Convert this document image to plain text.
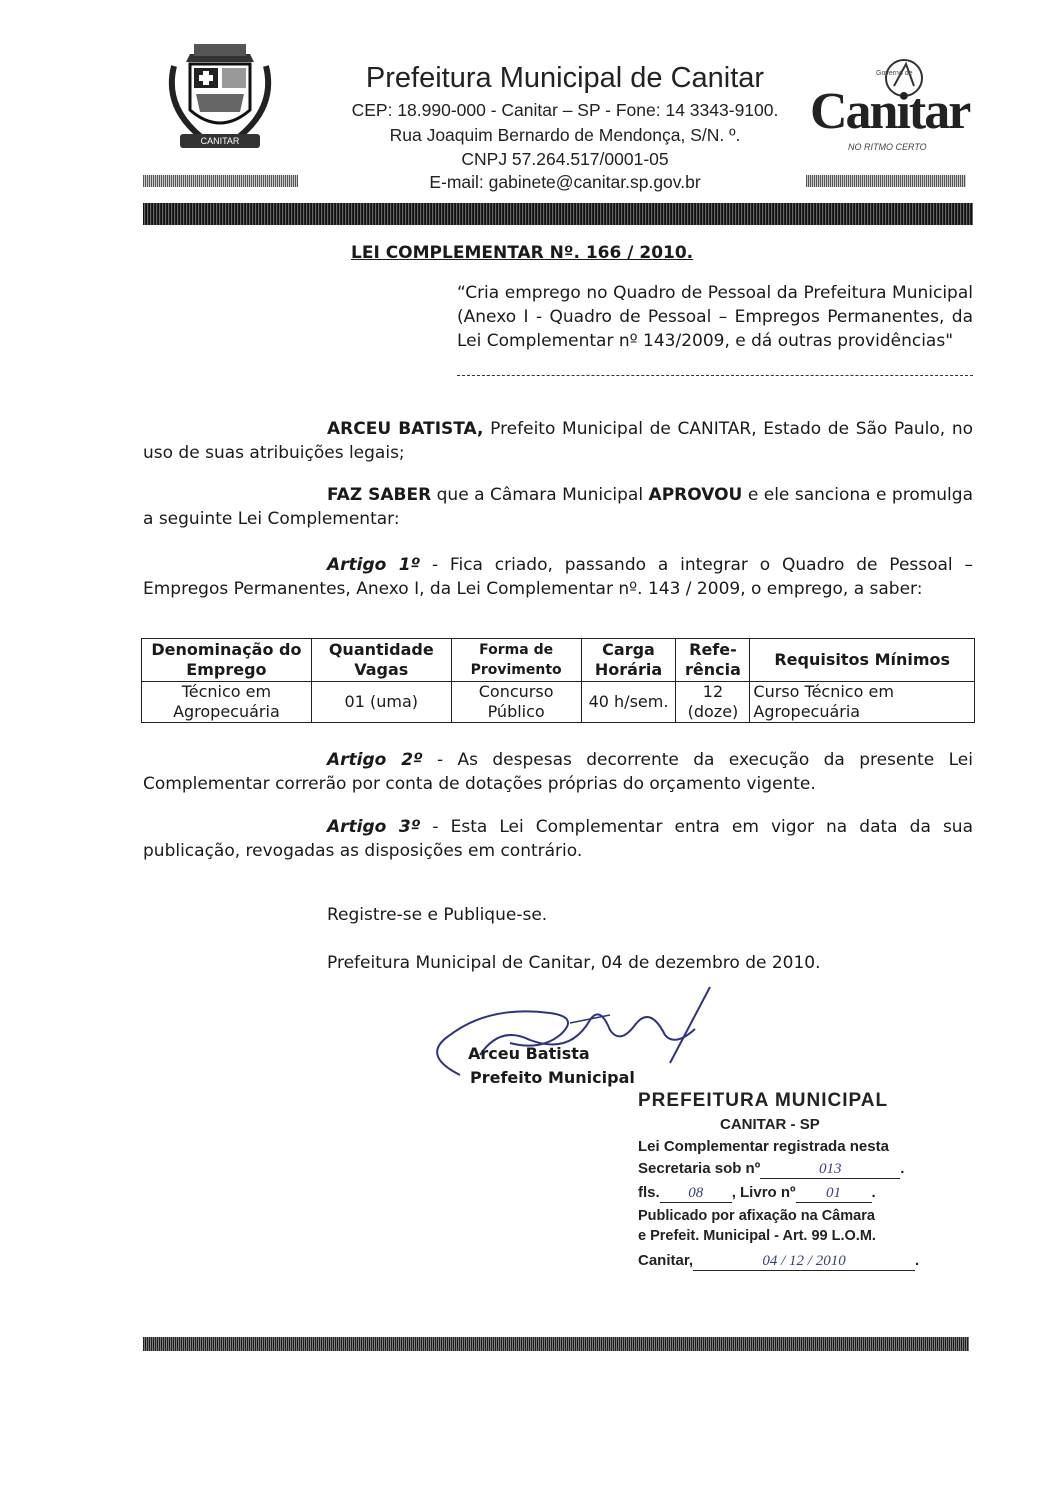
CANITAR
Prefeitura Municipal de Canitar
CEP: 18.990-000 - Canitar – SP - Fone: 14 3343-9100.
Rua Joaquim Bernardo de Mendonça, S/N. º.
CNPJ 57.264.517/0001-05
E-mail: gabinete@canitar.sp.gov.br
Governo de
Canitar
NO RITMO CERTO
LEI COMPLEMENTAR Nº. 166 / 2010.
“Cria emprego no Quadro de Pessoal da Prefeitura Municipal (Anexo I - Quadro de Pessoal – Empregos Permanentes, da Lei Complementar nº 143/2009, e dá outras providências"
ARCEU BATISTA, Prefeito Municipal de CANITAR, Estado de São Paulo, no uso de suas atribuições legais;
FAZ SABER que a Câmara Municipal APROVOU e ele sanciona e promulga a seguinte Lei Complementar:
Artigo 1º - Fica criado, passando a integrar o Quadro de Pessoal – Empregos Permanentes, Anexo I, da Lei Complementar nº. 143 / 2009, o emprego, a saber:
Denominação do Emprego	Quantidade Vagas	Forma de Provimento	Carga Horária	Refe-rência	Requisitos Mínimos
Técnico em Agropecuária	01 (uma)	Concurso Público	40 h/sem.	12 (doze)	Curso Técnico em Agropecuária
Artigo 2º - As despesas decorrente da execução da presente Lei Complementar correrão por conta de dotações próprias do orçamento vigente.
Artigo 3º - Esta Lei Complementar entra em vigor na data da sua publicação, revogadas as disposições em contrário.
Registre-se e Publique-se.
Prefeitura Municipal de Canitar, 04 de dezembro de 2010.
Arceu Batista
Prefeito Municipal
PREFEITURA MUNICIPAL
CANITAR - SP
Lei Complementar registrada nesta
Secretaria sob nº	013	.
fls. 08 , Livro nº 01 .
Publicado por afixação na Câmara
e Prefeit. Municipal - Art. 99 L.O.M.
Canitar,	04 / 12 / 2010	.
